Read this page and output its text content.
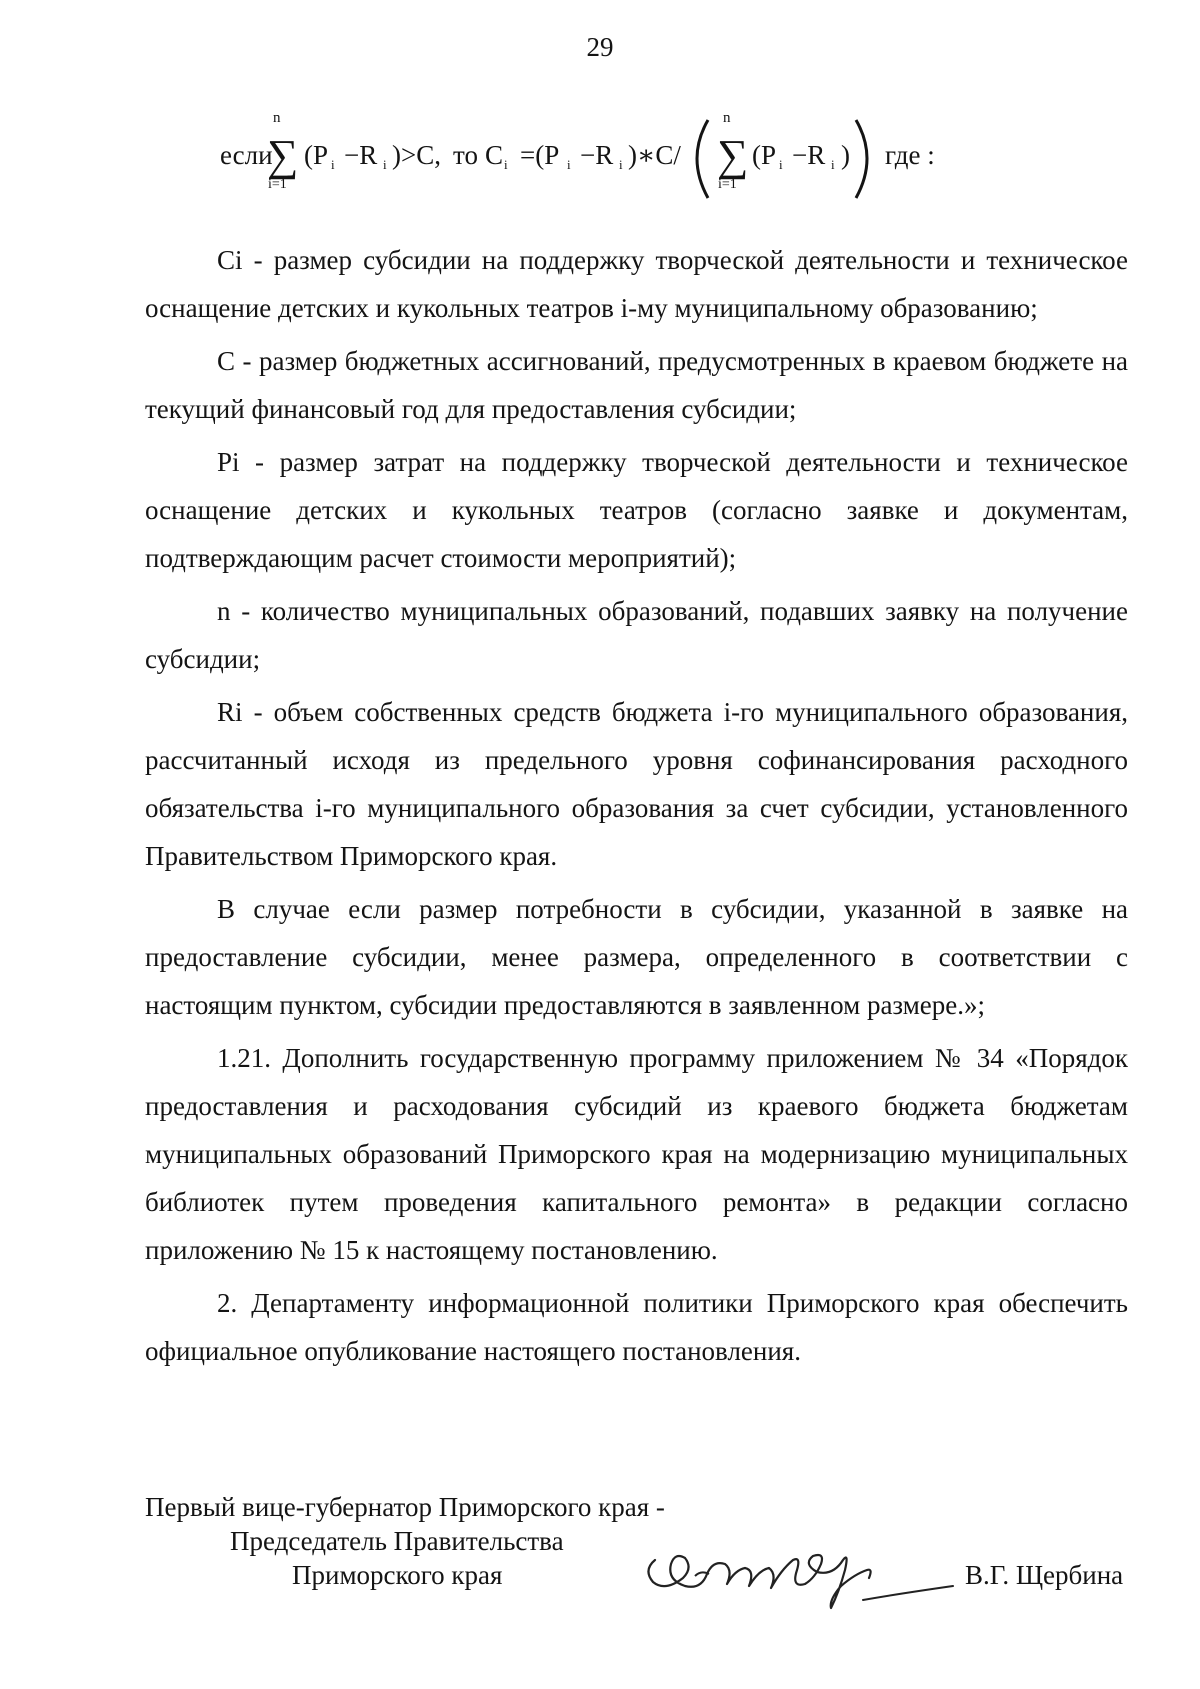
29
если
n
∑
i=1
(P i −R i )>C, то C i =(P i −R i )∗C/
n
∑
i=1
(P i −R i ) где :

Ci - размер субсидии на поддержку творческой деятельности и техническое оснащение детских и кукольных театров i-му муниципальному образованию;

С - размер бюджетных ассигнований, предусмотренных в краевом бюджете на текущий финансовый год для предоставления субсидии;

Pi - размер затрат на поддержку творческой деятельности и техническое оснащение детских и кукольных театров (согласно заявке и документам, подтверждающим расчет стоимости мероприятий);

n - количество муниципальных образований, подавших заявку на получение субсидии;

Ri - объем собственных средств бюджета i-го муниципального образования, рассчитанный исходя из предельного уровня софинансирования расходного обязательства i-го муниципального образования за счет субсидии, установленного Правительством Приморского края.

В случае если размер потребности в субсидии, указанной в заявке на предоставление субсидии, менее размера, определенного в соответствии с настоящим пунктом, субсидии предоставляются в заявленном размере.»;

1.21. Дополнить государственную программу приложением № 34 «Порядок предоставления и расходования субсидий из краевого бюджета бюджетам муниципальных образований Приморского края на модернизацию муниципальных библиотек путем проведения капитального ремонта» в редакции согласно приложению № 15 к настоящему постановлению.

2. Департаменту информационной политики Приморского края обеспечить официальное опубликование настоящего постановления.

Первый вице-губернатор Приморского края -
Председатель Правительства
Приморского края	В.Г. Щербина
